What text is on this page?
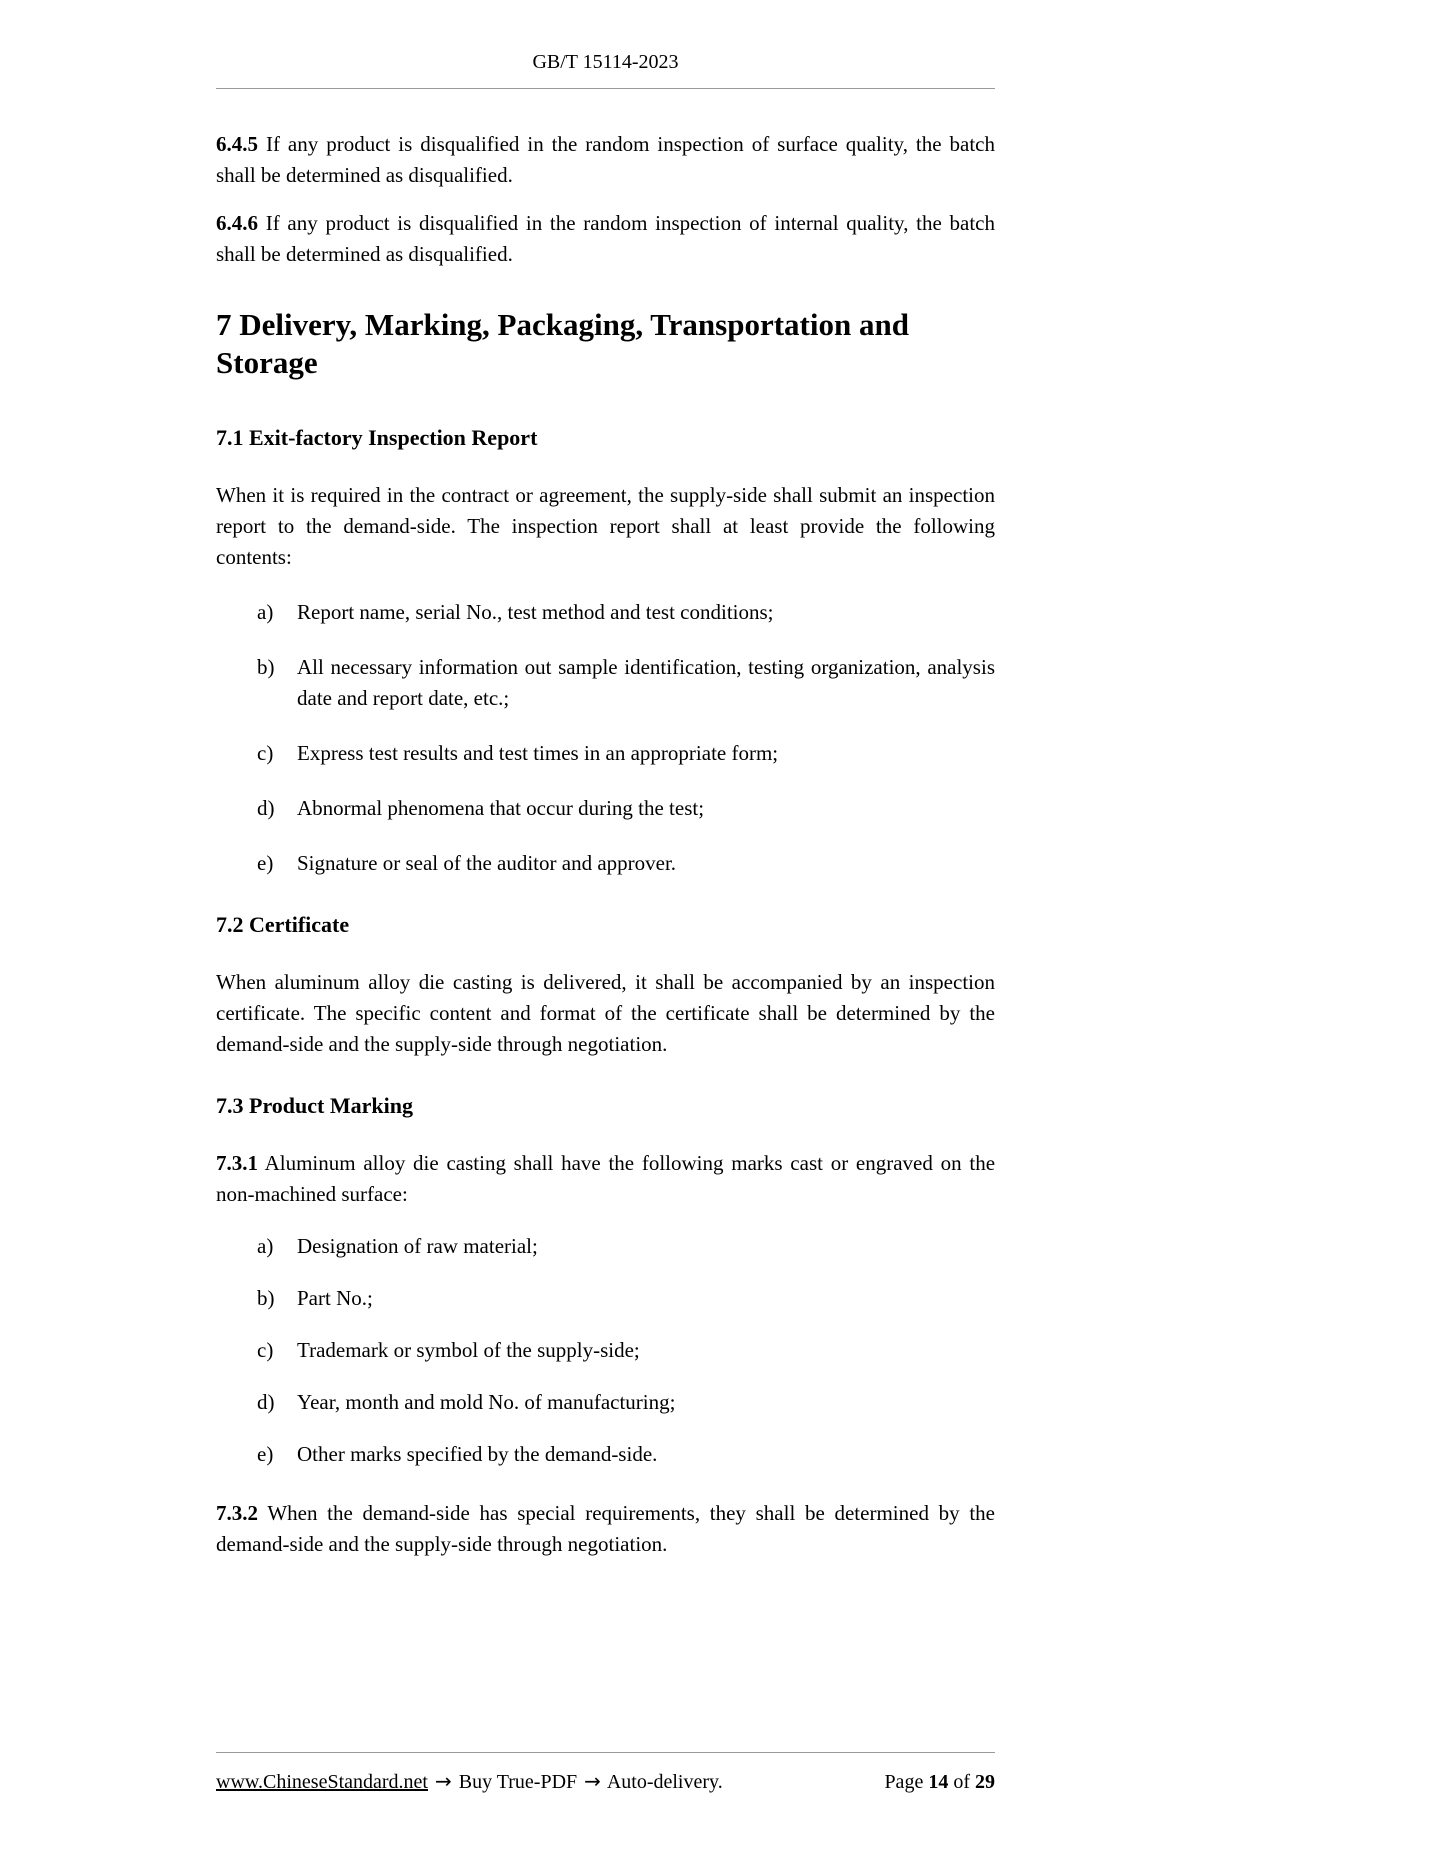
GB/T 15114-2023

6.4.5 If any product is disqualified in the random inspection of surface quality, the batch shall be determined as disqualified.

6.4.6 If any product is disqualified in the random inspection of internal quality, the batch shall be determined as disqualified.

7 Delivery, Marking, Packaging, Transportation and Storage
7.1 Exit-factory Inspection Report

When it is required in the contract or agreement, the supply-side shall submit an inspection report to the demand-side. The inspection report shall at least provide the following contents:

a)	Report name, serial No., test method and test conditions;
b)	All necessary information out sample identification, testing organization, analysis date and report date, etc.;
c)	Express test results and test times in an appropriate form;
d)	Abnormal phenomena that occur during the test;
e)	Signature or seal of the auditor and approver.
7.2 Certificate

When aluminum alloy die casting is delivered, it shall be accompanied by an inspection certificate. The specific content and format of the certificate shall be determined by the demand-side and the supply-side through negotiation.

7.3 Product Marking

7.3.1 Aluminum alloy die casting shall have the following marks cast or engraved on the non-machined surface:

a)	Designation of raw material;
b)	Part No.;
c)	Trademark or symbol of the supply-side;
d)	Year, month and mold No. of manufacturing;
e)	Other marks specified by the demand-side.

7.3.2 When the demand-side has special requirements, they shall be determined by the demand-side and the supply-side through negotiation.

www.ChineseStandard.net → Buy True-PDF → Auto-delivery.	Page 14 of 29
